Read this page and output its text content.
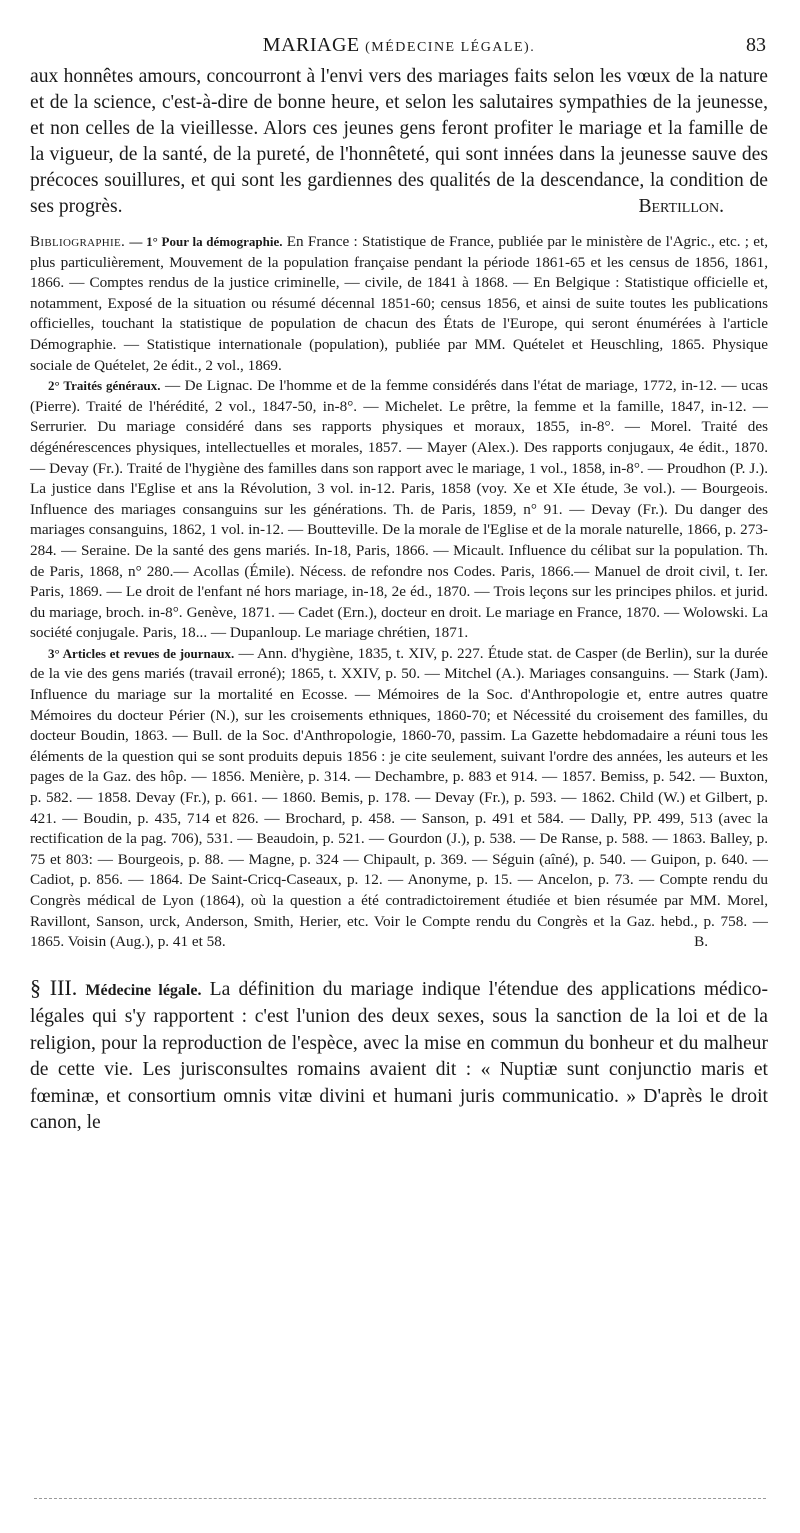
MARIAGE (MÉDECINE LÉGALE).	83

aux honnêtes amours, concourront à l'envi vers des mariages faits selon les vœux de la nature et de la science, c'est-à-dire de bonne heure, et selon les salutaires sympathies de la jeunesse, et non celles de la vieillesse. Alors ces jeunes gens feront profiter le mariage et la famille de la vigueur, de la santé, de la pureté, de l'honnêteté, qui sont innées dans la jeunesse sauve des précoces souillures, et qui sont les gardiennes des qualités de la descendance, la condition de ses progrès.	Bertillon.

Bibliographie. — 1° Pour la démographie. En France : Statistique de France, publiée par le ministère de l'Agric., etc. ; et, plus particulièrement, Mouvement de la population française pendant la période 1861-65 et les census de 1856, 1861, 1866. — Comptes rendus de la justice criminelle, — civile, de 1841 à 1868. — En Belgique : Statistique officielle et, notamment, Exposé de la situation ou résumé décennal 1851-60; census 1856, et ainsi de suite toutes les publications officielles, touchant la statistique de population de chacun des États de l'Europe, qui seront énumérées à l'article Démographie. — Statistique internationale (population), publiée par MM. Quételet et Heuschling, 1865. Physique sociale de Quételet, 2e édit., 2 vol., 1869.

2° Traités généraux. — De Lignac. De l'homme et de la femme considérés dans l'état de mariage, 1772, in-12. — ucas (Pierre). Traité de l'hérédité, 2 vol., 1847-50, in-8°. — Michelet. Le prêtre, la femme et la famille, 1847, in-12. — Serrurier. Du mariage considéré dans ses rapports physiques et moraux, 1855, in-8°. — Morel. Traité des dégénérescences physiques, intellectuelles et morales, 1857. — Mayer (Alex.). Des rapports conjugaux, 4e édit., 1870. — Devay (Fr.). Traité de l'hygiène des familles dans son rapport avec le mariage, 1 vol., 1858, in-8°. — Proudhon (P. J.). La justice dans l'Eglise et ans la Révolution, 3 vol. in-12. Paris, 1858 (voy. Xe et XIe étude, 3e vol.). — Bourgeois. Influence des mariages consanguins sur les générations. Th. de Paris, 1859, n° 91. — Devay (Fr.). Du danger des mariages consanguins, 1862, 1 vol. in-12. — Boutteville. De la morale de l'Eglise et de la morale naturelle, 1866, p. 273-284. — Seraine. De la santé des gens mariés. In-18, Paris, 1866. — Micault. Influence du célibat sur la population. Th. de Paris, 1868, n° 280.— Acollas (Émile). Nécess. de refondre nos Codes. Paris, 1866.— Manuel de droit civil, t. Ier. Paris, 1869. — Le droit de l'enfant né hors mariage, in-18, 2e éd., 1870. — Trois leçons sur les principes philos. et jurid. du mariage, broch. in-8°. Genève, 1871. — Cadet (Ern.), docteur en droit. Le mariage en France, 1870. — Wolowski. La société conjugale. Paris, 18... — Dupanloup. Le mariage chrétien, 1871.

3° Articles et revues de journaux. — Ann. d'hygiène, 1835, t. XIV, p. 227. Étude stat. de Casper (de Berlin), sur la durée de la vie des gens mariés (travail erroné); 1865, t. XXIV, p. 50. — Mitchel (A.). Mariages consanguins. — Stark (Jam). Influence du mariage sur la mortalité en Ecosse. — Mémoires de la Soc. d'Anthropologie et, entre autres quatre Mémoires du docteur Périer (N.), sur les croisements ethniques, 1860-70; et Nécessité du croisement des familles, du docteur Boudin, 1863. — Bull. de la Soc. d'Anthropologie, 1860-70, passim. La Gazette hebdomadaire a réuni tous les éléments de la question qui se sont produits depuis 1856 : je cite seulement, suivant l'ordre des années, les auteurs et les pages de la Gaz. des hôp. — 1856. Menière, p. 314. — Dechambre, p. 883 et 914. — 1857. Bemiss, p. 542. — Buxton, p. 582. — 1858. Devay (Fr.), p. 661. — 1860. Bemis, p. 178. — Devay (Fr.), p. 593. — 1862. Child (W.) et Gilbert, p. 421. — Boudin, p. 435, 714 et 826. — Brochard, p. 458. — Sanson, p. 491 et 584. — Dally, PP. 499, 513 (avec la rectification de la pag. 706), 531. — Beaudoin, p. 521. — Gourdon (J.), p. 538. — De Ranse, p. 588. — 1863. Balley, p. 75 et 803: — Bourgeois, p. 88. — Magne, p. 324 — Chipault, p. 369. — Séguin (aîné), p. 540. — Guipon, p. 640. — Cadiot, p. 856. — 1864. De Saint-Cricq-Caseaux, p. 12. — Anonyme, p. 15. — Ancelon, p. 73. — Compte rendu du Congrès médical de Lyon (1864), où la question a été contradictoirement étudiée et bien résumée par MM. Morel, Ravillont, Sanson, urck, Anderson, Smith, Herier, etc. Voir le Compte rendu du Congrès et la Gaz. hebd., p. 758. — 1865. Voisin (Aug.), p. 41 et 58.	B.

§ III. Médecine légale. La définition du mariage indique l'étendue des applications médico-légales qui s'y rapportent : c'est l'union des deux sexes, sous la sanction de la loi et de la religion, pour la reproduction de l'espèce, avec la mise en commun du bonheur et du malheur de cette vie. Les jurisconsultes romains avaient dit : « Nuptiæ sunt conjunctio maris et fœminæ, et consortium omnis vitæ divini et humani juris communicatio. » D'après le droit canon, le
